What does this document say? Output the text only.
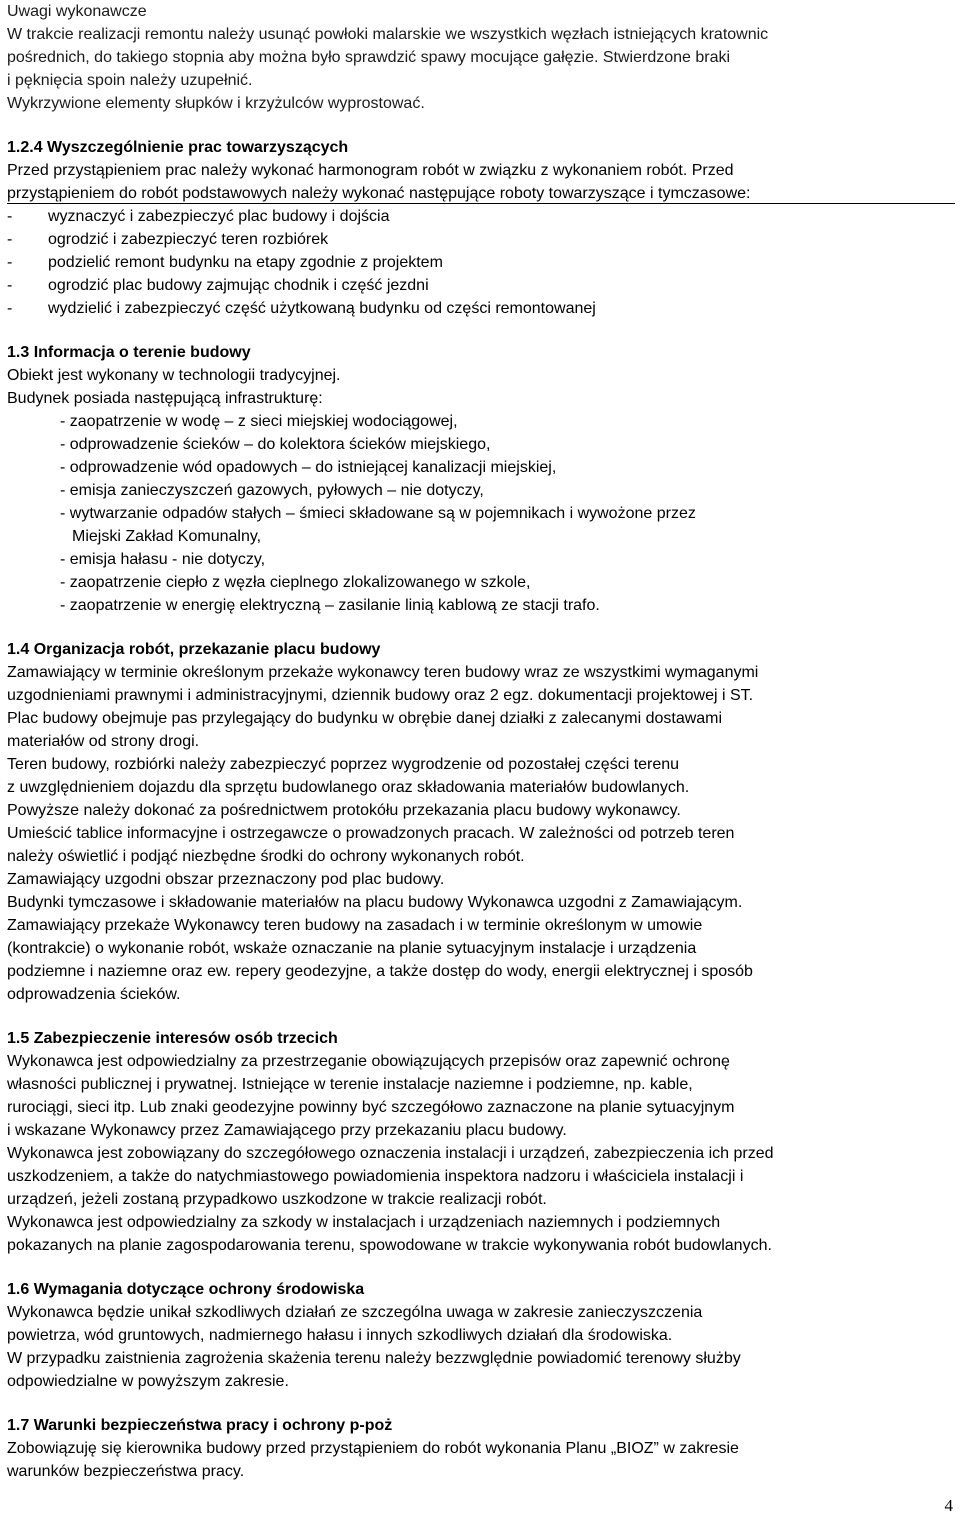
Uwagi wykonawcze
W trakcie realizacji remontu należy usunąć powłoki malarskie we wszystkich węzłach istniejących kratownic
pośrednich, do takiego stopnia aby można było sprawdzić spawy mocujące gałęzie. Stwierdzone braki
i pęknięcia spoin należy uzupełnić.
Wykrzywione elementy słupków i krzyżulców wyprostować.
1.2.4 Wyszczególnienie prac towarzyszących
Przed przystąpieniem prac należy wykonać harmonogram robót w związku z wykonaniem robót. Przed
przystąpieniem do robót podstawowych należy wykonać następujące roboty towarzyszące i tymczasowe:
- wyznaczyć i zabezpieczyć plac budowy i dojścia
- ogrodzić i zabezpieczyć teren rozbiórek
- podzielić remont budynku na etapy zgodnie z projektem
- ogrodzić plac budowy zajmując chodnik i część jezdni
- wydzielić i zabezpieczyć część użytkowaną budynku od części remontowanej
1.3 Informacja o terenie budowy
Obiekt jest wykonany w technologii tradycyjnej.
Budynek posiada następującą infrastrukturę:
- zaopatrzenie w wodę – z sieci miejskiej wodociągowej,
- odprowadzenie ścieków – do kolektora ścieków miejskiego,
- odprowadzenie wód opadowych – do istniejącej kanalizacji miejskiej,
- emisja zanieczyszczeń gazowych, pyłowych – nie dotyczy,
- wytwarzanie odpadów stałych – śmieci składowane są w pojemnikach i wywożone przez
Miejski Zakład Komunalny,
- emisja hałasu - nie dotyczy,
- zaopatrzenie ciepło z węzła cieplnego zlokalizowanego w szkole,
- zaopatrzenie w energię elektryczną – zasilanie linią kablową ze stacji trafo.
1.4 Organizacja robót, przekazanie placu budowy
Zamawiający w terminie określonym przekaże wykonawcy teren budowy wraz ze wszystkimi wymaganymi
uzgodnieniami prawnymi i administracyjnymi, dziennik budowy oraz 2 egz. dokumentacji projektowej i ST.
Plac budowy obejmuje pas przylegający do budynku w obrębie danej działki z zalecanymi dostawami
materiałów od strony drogi.
Teren budowy, rozbiórki należy zabezpieczyć poprzez wygrodzenie od pozostałej części terenu
z uwzględnieniem dojazdu dla sprzętu budowlanego oraz składowania materiałów budowlanych.
Powyższe należy dokonać za pośrednictwem protokółu przekazania placu budowy wykonawcy.
Umieścić tablice informacyjne i ostrzegawcze o prowadzonych pracach. W zależności od potrzeb teren
należy oświetlić i podjąć niezbędne środki do ochrony wykonanych robót.
Zamawiający uzgodni obszar przeznaczony pod plac budowy.
Budynki tymczasowe i składowanie materiałów na placu budowy Wykonawca uzgodni z Zamawiającym.
Zamawiający przekaże Wykonawcy teren budowy na zasadach i w terminie określonym w umowie
(kontrakcie) o wykonanie robót, wskaże oznaczanie na planie sytuacyjnym instalacje i urządzenia
podziemne i naziemne oraz ew. repery geodezyjne, a także dostęp do wody, energii elektrycznej i sposób
odprowadzenia ścieków.
1.5 Zabezpieczenie interesów osób trzecich
Wykonawca jest odpowiedzialny za przestrzeganie obowiązujących przepisów oraz zapewnić ochronę
własności publicznej i prywatnej. Istniejące w terenie instalacje naziemne i podziemne, np. kable,
rurociągi, sieci itp. Lub znaki geodezyjne powinny być szczegółowo zaznaczone na planie sytuacyjnym
i wskazane Wykonawcy przez Zamawiającego przy przekazaniu placu budowy.
Wykonawca jest zobowiązany do szczegółowego oznaczenia instalacji i urządzeń, zabezpieczenia ich przed
uszkodzeniem, a także do natychmiastowego powiadomienia inspektora nadzoru i właściciela instalacji i
urządzeń, jeżeli zostaną przypadkowo uszkodzone w trakcie realizacji robót.
Wykonawca jest odpowiedzialny za szkody w instalacjach i urządzeniach naziemnych i podziemnych
pokazanych na planie zagospodarowania terenu, spowodowane w trakcie wykonywania robót budowlanych.
1.6 Wymagania dotyczące ochrony środowiska
Wykonawca będzie unikał szkodliwych działań ze szczególna uwaga w zakresie zanieczyszczenia
powietrza, wód gruntowych, nadmiernego hałasu i innych szkodliwych działań dla środowiska.
W przypadku zaistnienia zagrożenia skażenia terenu należy bezzwględnie powiadomić terenowy służby
odpowiedzialne w powyższym zakresie.
1.7 Warunki bezpieczeństwa pracy i ochrony p-poż
Zobowiązuję się kierownika budowy przed przystąpieniem do robót wykonania Planu „BIOZ” w zakresie
warunków bezpieczeństwa pracy.
4
